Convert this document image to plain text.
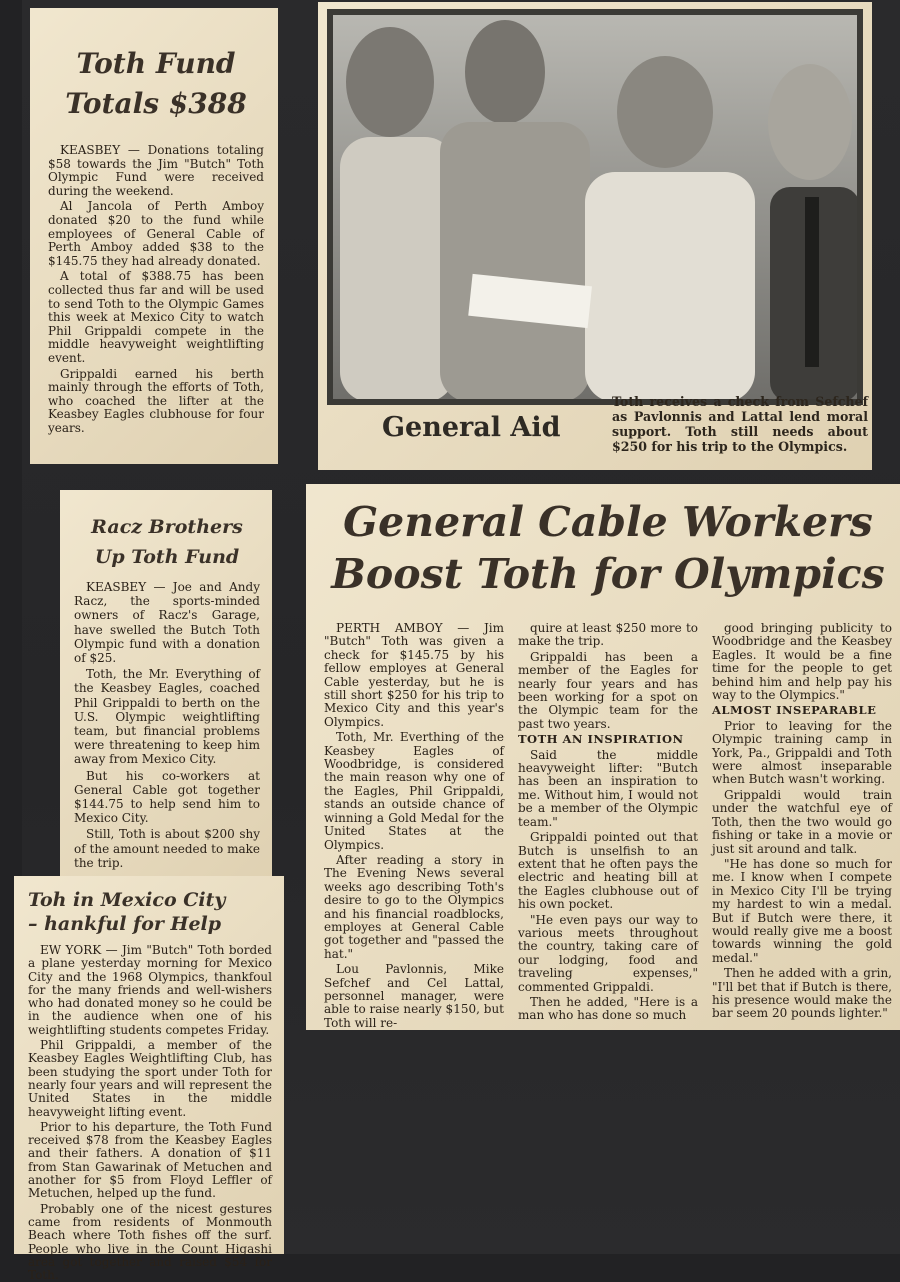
Toth Fund
Totals $388

KEASBEY — Donations totaling $58 towards the Jim "Butch" Toth Olympic Fund were received during the weekend.

Al Jancola of Perth Amboy donated $20 to the fund while employees of General Cable of Perth Amboy added $38 to the $145.75 they had already donated.

A total of $388.75 has been collected thus far and will be used to send Toth to the Olympic Games this week at Mexico City to watch Phil Grippaldi compete in the middle heavyweight weightlifting event.

Grippaldi earned his berth mainly through the efforts of Toth, who coached the lifter at the Keasbey Eagles clubhouse for four years.	General Aid
Toth receives a check from Sefchef as Pavlonnis and Lattal lend moral support. Toth still needs about $250 for his trip to the Olympics.
Racz Brothers
Up Toth Fund

KEASBEY — Joe and Andy Racz, the sports-minded owners of Racz's Garage, have swelled the Butch Toth Olympic fund with a donation of $25.

Toth, the Mr. Everything of the Keasbey Eagles, coached Phil Grippaldi to berth on the U.S. Olympic weightlifting team, but financial problems were threatening to keep him away from Mexico City.

But his co-workers at General Cable got together $144.75 to help send him to Mexico City.

Still, Toth is about $200 shy of the amount needed to make the trip.

General Cable Workers
Boost Toth for Olympics

PERTH AMBOY — Jim "Butch" Toth was given a check for $145.75 by his fellow employes at General Cable yesterday, but he is still short $250 for his trip to Mexico City and this year's Olympics.

Toth, Mr. Everthing of the Keasbey Eagles of Woodbridge, is considered the main reason why one of the Eagles, Phil Grippaldi, stands an outside chance of winning a Gold Medal for the United States at the Olympics.

After reading a story in The Evening News several weeks ago describing Toth's desire to go to the Olympics and his financial roadblocks, employes at General Cable got together and "passed the hat."

Lou Pavlonnis, Mike Sefchef and Cel Lattal, personnel manager, were able to raise nearly $150, but Toth will re-

quire at least $250 more to make the trip.

Grippaldi has been a member of the Eagles for nearly four years and has been working for a spot on the Olympic team for the past two years.

TOTH AN INSPIRATION

Said the middle heavyweight lifter: "Butch has been an inspiration to me. Without him, I would not be a member of the Olympic team."

Grippaldi pointed out that Butch is unselfish to an extent that he often pays the electric and heating bill at the Eagles clubhouse out of his own pocket.

"He even pays our way to various meets throughout the country, taking care of our lodging, food and traveling expenses," commented Grippaldi.

Then he added, "Here is a man who has done so much

good bringing publicity to Woodbridge and the Keasbey Eagles. It would be a fine time for the people to get behind him and help pay his way to the Olympics."

ALMOST INSEPARABLE

Prior to leaving for the Olympic training camp in York, Pa., Grippaldi and Toth were almost inseparable when Butch wasn't working.

Grippaldi would train under the watchful eye of Toth, then the two would go fishing or take in a movie or just sit around and talk.

"He has done so much for me. I know when I compete in Mexico City I'll be trying my hardest to win a medal. But if Butch were there, it would really give me a boost towards winning the gold medal."

Then he added with a grin, "I'll bet that if Butch is there, his presence would make the bar seem 20 pounds lighter."

Toh in Mexico City
– hankful for Help

EW YORK — Jim "Butch" Toth borded a plane yesterday morning for Mexico City and the 1968 Olympics, thankfoul for the many friends and well-wishers who had donated money so he could be in the audience when one of his weightlifting students competes Friday.

Phil Grippaldi, a member of the Keasbey Eagles Weightlifting Club, has been studying the sport under Toth for nearly four years and will represent the United States in the middle heavyweight lifting event.

Prior to his departure, the Toth Fund received $78 from the Keasbey Eagles and their fathers. A donation of $11 from Stan Gawarinak of Metuchen and another for $5 from Floyd Leffler of Metuchen, helped up the fund.

Probably one of the nicest gestures came from residents of Monmouth Beach where Toth fishes off the surf. People who live in the Count Higashi area got together and raised $54 for Toth.
